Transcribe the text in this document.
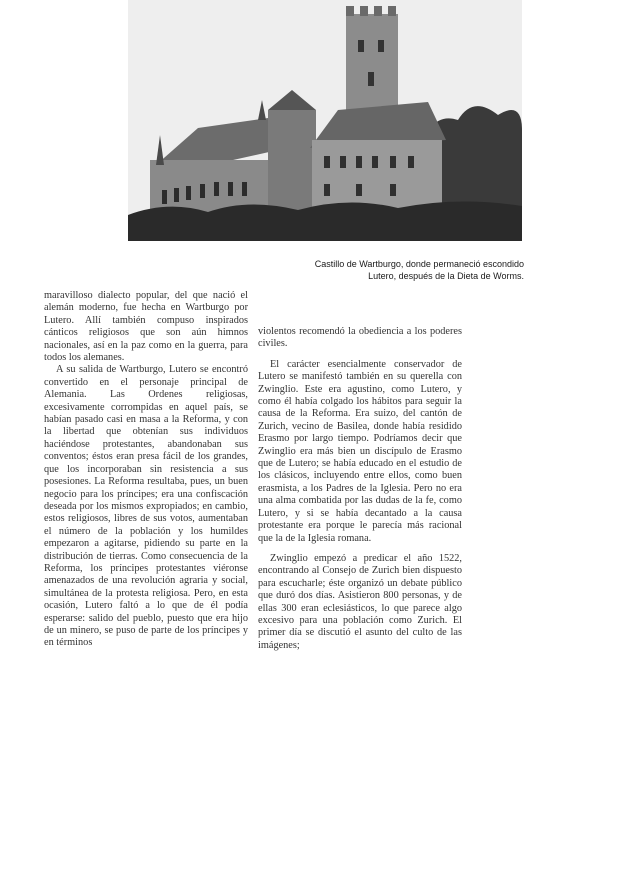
Castillo de Wartburgo, donde permaneció escondido
Lutero, después de la Dieta de Worms.

maravilloso dialecto popular, del que nació el alemán moderno, fue hecha en Wartburgo por Lutero. Allí también compuso inspirados cánticos religiosos que son aún himnos nacionales, así en la paz como en la guerra, para todos los alemanes.

A su salida de Wartburgo, Lutero se encontró convertido en el personaje principal de Alemania. Las Ordenes religiosas, excesivamente corrompidas en aquel país, se habían pasado casi en masa a la Reforma, y con la libertad que obtenían sus individuos haciéndose protestantes, abandonaban sus conventos; éstos eran presa fácil de los grandes, que los incorporaban sin resistencia a sus posesiones. La Reforma resultaba, pues, un buen negocio para los príncipes; era una confiscación deseada por los mismos expropiados; en cambio, estos religiosos, libres de sus votos, aumentaban el número de la población y los humildes empezaron a agitarse, pidiendo su parte en la distribución de tierras. Como consecuencia de la Reforma, los príncipes protestantes viéronse amenazados de una revolución agraria y social, simultánea de la protesta religiosa. Pero, en esta ocasión, Lutero faltó a lo que de él podía esperarse: salido del pueblo, puesto que era hijo de un minero, se puso de parte de los príncipes y en términos

violentos recomendó la obediencia a los poderes civiles.

El carácter esencialmente conservador de Lutero se manifestó también en su querella con Zwinglio. Este era agustino, como Lutero, y como él había colgado los hábitos para seguir la causa de la Reforma. Era suizo, del cantón de Zurich, vecino de Basilea, donde había residido Erasmo por largo tiempo. Podríamos decir que Zwinglio era más bien un discípulo de Erasmo que de Lutero; se había educado en el estudio de los clásicos, incluyendo entre ellos, como buen erasmista, a los Padres de la Iglesia. Pero no era una alma combatida por las dudas de la fe, como Lutero, y si se había decantado a la causa protestante era porque le parecía más racional que la de la Iglesia romana.

Zwinglio empezó a predicar el año 1522, encontrando al Consejo de Zurich bien dispuesto para escucharle; éste organizó un debate público que duró dos días. Asistieron 800 personas, y de ellas 300 eran eclesiásticos, lo que parece algo excesivo para una población como Zurich. El primer día se discutió el asunto del culto de las imágenes;
